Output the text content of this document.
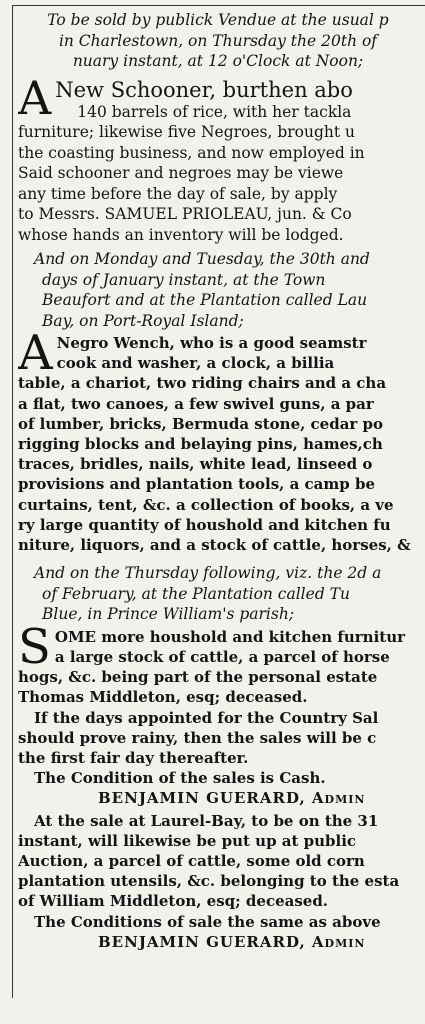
To be sold by publick Vendue at the usual p

in Charlestown, on Thursday the 20th of

nuary instant, at 12 o'Clock at Noon;

A New Schooner, burthen abo

140 barrels of rice, with her tackla

furniture; likewise five Negroes, brought u

the coasting business, and now employed in

Said schooner and negroes may be viewe

any time before the day of sale, by apply

to Messrs. SAMUEL PRIOLEAU, jun. & Co

whose hands an inventory will be lodged.

And on Monday and Tuesday, the 30th and

days of January instant, at the Town

Beaufort and at the Plantation called Lau

Bay, on Port-Royal Island;

A Negro Wench, who is a good seamstr

cook and washer, a clock, a billia

table, a chariot, two riding chairs and a cha

a flat, two canoes, a few swivel guns, a par

of lumber, bricks, Bermuda stone, cedar po

rigging blocks and belaying pins, hames,ch

traces, bridles, nails, white lead, linseed o

provisions and plantation tools, a camp be

curtains, tent, &c. a collection of books, a ve

ry large quantity of houshold and kitchen fu

niture, liquors, and a stock of cattle, horses, &

And on the Thursday following, viz. the 2d a

of February, at the Plantation called Tu

Blue, in Prince William's parish;

S OME more houshold and kitchen furnitur

a large stock of cattle, a parcel of horse

hogs, &c. being part of the personal estate

Thomas Middleton, esq; deceased.

If the days appointed for the Country Sal

should prove rainy, then the sales will be c

the first fair day thereafter.

The Condition of the sales is Cash.

BENJAMIN GUERARD, Admin

At the sale at Laurel-Bay, to be on the 31

instant, will likewise be put up at public

Auction, a parcel of cattle, some old corn

plantation utensils, &c. belonging to the esta

of William Middleton, esq; deceased.

The Conditions of sale the same as above

BENJAMIN GUERARD, Admin
